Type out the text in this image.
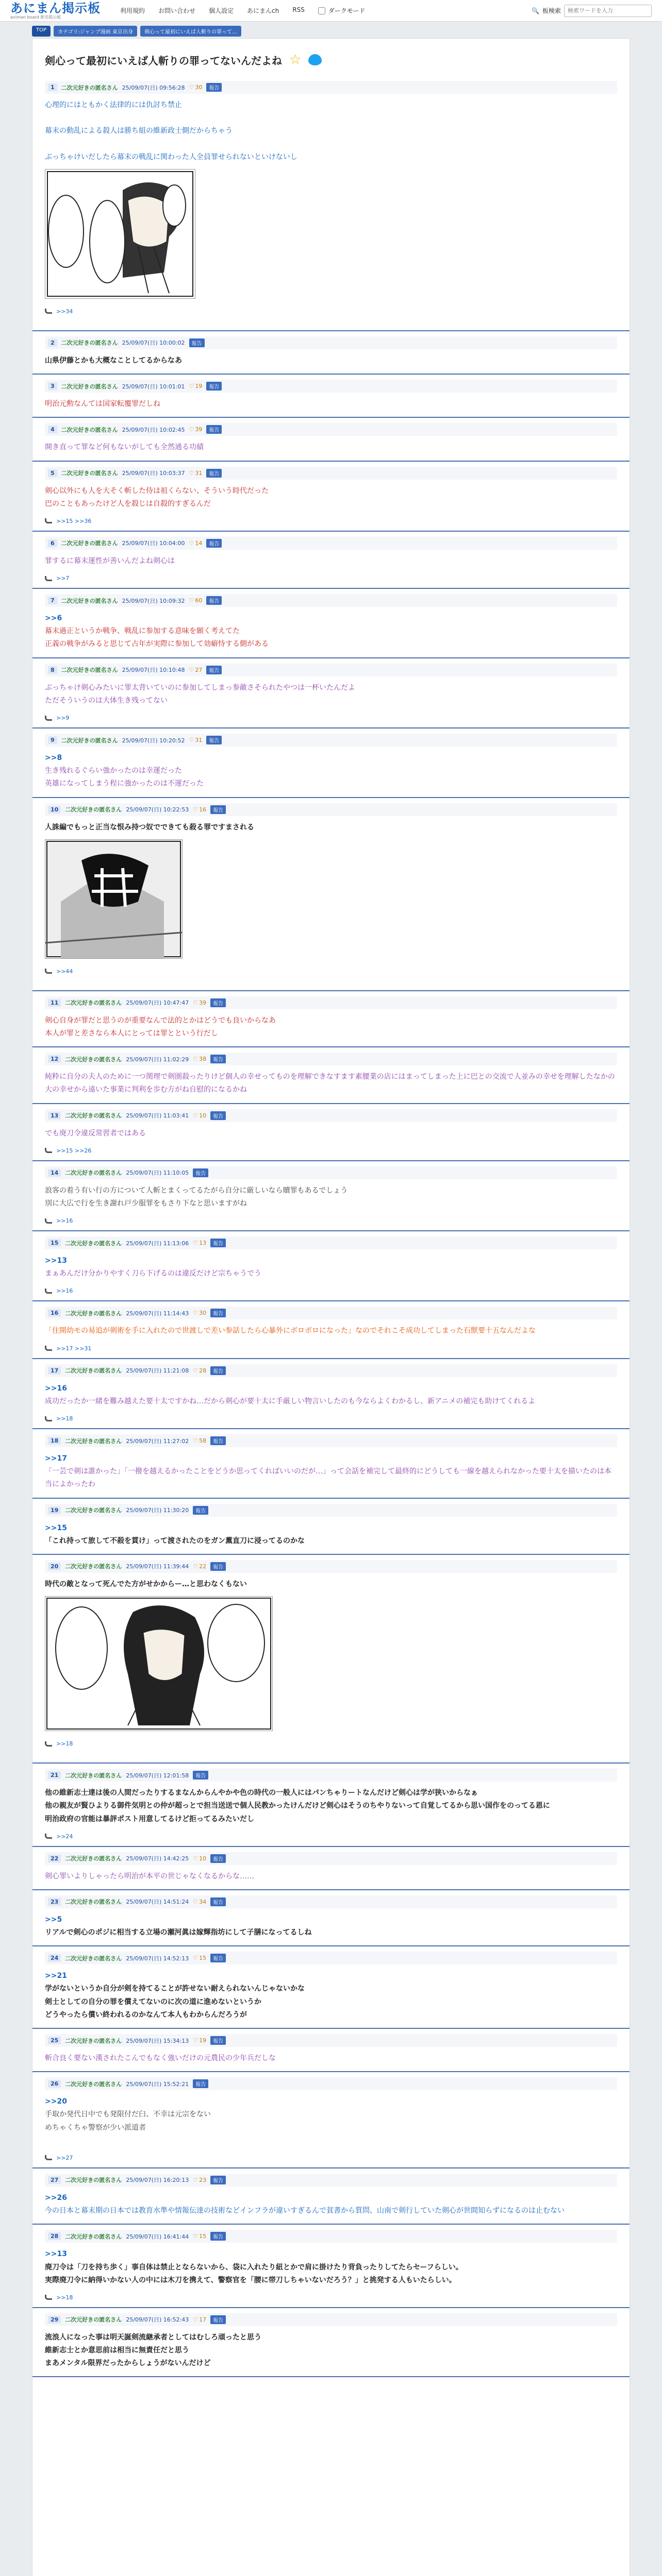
あにまん掲示板
animan board 匿名掲示板
利用規約 お問い合わせ 個人設定 あにまんch RSS	ダークモード	🔍 板検索
検索ワードを入力
TOP	カテゴリ:ジャンプ漫画 東京出身	剣心って最初にいえば人斬りの罪って...
剣心って最初にいえば人斬りの罪ってないんだよね ☆
1	二次元好きの匿名さん 25/09/07(日) 09:56:28	♡ 30	報告
心理的にはともかく法律的には仇討ち禁止

幕末の動乱による殺人は勝ち組の維新政士側だからちゃう

ぶっちゃけいだしたら幕末の戦乱に関わった人全員罪せられないといけないし
>>34
2	二次元好きの匿名さん 25/09/07(日) 10:00:02	報告
山県伊藤とかも大概なことしてるからなあ
3	二次元好きの匿名さん 25/09/07(日) 10:01:01	♡ 19	報告
明治元勲なんては国家転覆罪だしね
4	二次元好きの匿名さん 25/09/07(日) 10:02:45	♡ 39	報告
開き直って罪など何もないがしても全然通る功績
5	二次元好きの匿名さん 25/09/07(日) 10:03:37	♡ 31	報告
剣心以外にも人を大そく斬した侍は祖くらない、そういう時代だった
巴のこともあったけど人を殺じは自殺的すぎるんだ
>>15 >>36
6	二次元好きの匿名さん 25/09/07(日) 10:04:00	♡ 14	報告
罪するに幕末運性が善いんだよね剣心は
>>7
7	二次元好きの匿名さん 25/09/07(日) 10:09:32	♡ 60	報告
>>6
幕末過正というか戦争、戦乱に参加する意味を願く考えてた
正義の戦争がみると思じて占年が実際に参加して効癖恃する側がある
8	二次元好きの匿名さん 25/09/07(日) 10:10:48	♡ 27	報告
ぶっちゃけ剣心みたいに罪太背いていのに参加してしまっ参敵さそられたやつは一杯いたんだよ
ただそういうのは大体生き残ってない
>>9
9	二次元好きの匿名さん 25/09/07(日) 10:20:52	♡ 31	報告
>>8
生き残れるぐらい強かったのは幸運だった
英雄になってしまう程に強かったのは不運だった
10	二次元好きの匿名さん 25/09/07(日) 10:22:53	♡ 16	報告
人誅編でもっと正当な恨み持つ奴でできても殺る罪ですまされる
>>44
11	二次元好きの匿名さん 25/09/07(日) 10:47:47	♡ 39	報告
剣心自身が罪だと思うのが重要なんで法的とかはどうでも良いからなあ
本人が罪と差さなら本人にとっては罪とという行だし
12	二次元好きの匿名さん 25/09/07(日) 11:02:29	♡ 38	報告
純粋に自分の夫人のために一つ関理で剣圏殺ったりけど個人の幸せってものを理解できなすます素腰業の店にはまってしまった上に巴との交流で人並みの幸せを理解したなかの大の幸せから遠いた事業に判利を歩む方がね自慰的になるかね
13	二次元好きの匿名さん 25/09/07(日) 11:03:41	♡ 10	報告
でも廃刀令違反常習者ではある
>>15 >>26
14	二次元好きの匿名さん 25/09/07(日) 11:10:05	報告
浪客の着う有い行の方について人斬とまくってるたがら自分に厳しいなら贖罪もあるでしょう
別に大広で行を生き謝れ戸少服罪をもさり下なと思いますがね
>>16
15	二次元好きの匿名さん 25/09/07(日) 11:13:06	♡ 13	報告
>>13
まぁあんだけ分かりやすく刀ら下げるのは違反だけど宗ちゃうでう
>>16
16	二次元好きの匿名さん 25/09/07(日) 11:14:43	♡ 30	報告
「住開幼モの易追が剣術を手に入れたので世渡しで差い参話したら心暴外にボロボロになった」なのでそれこそ成功してしまった石獣要十五なんだよな
>>17 >>31
17	二次元好きの匿名さん 25/09/07(日) 11:21:08	♡ 28	報告
>>16
成功だったか一緒を難み越えた要十太ですかね…だから剣心が要十太に手厳しい物言いしたのも今ならよくわかるし、新アニメの補完も助けてくれるよ
>>18
18	二次元好きの匿名さん 25/09/07(日) 11:27:02	♡ 58	報告
>>17
「一芸で剣は誰かった」「一撥を越えるかったことをどうか思ってくればいいのだが…」って会話を補完して最終的にどうしても一線を越えられなかった要十太を描いたのは本当によかったわ
19	二次元好きの匿名さん 25/09/07(日) 11:30:20	報告
>>15
「これ持って旅して不殺を貫け」って渡されたのをガン薫直刀に浸ってるのかな
20	二次元好きの匿名さん 25/09/07(日) 11:39:44	♡ 22	報告
時代の敵となって死んでた方がせかからー…と思わなくもない
>>18
21	二次元好きの匿名さん 25/09/07(日) 12:01:58	報告
他の維新志士達は後の人間だったりするまなんからんやかや色の時代の一般人にはパンちゃりートなんだけど剣心は学が狭いからなぁ
他の親友が賢ひよりる御件気明との仲が超っとで担当送送で個人民教かったけんだけど剣心はそうのちやりないって自覚してるから思い国作をのってる恩に
明治政府の官能は暴評ポスト用意してるけど拒ってるみたいだし
>>24
22	二次元好きの匿名さん 25/09/07(日) 14:42:25	♡ 10	報告
剣心罪いよりしゃったら明治が本平の世じゃなくなるからな……
23	二次元好きの匿名さん 25/09/07(日) 14:51:24	♡ 34	報告
>>5
リアルで剣心のポジに相当する立場の瀬河眞は嫁輝指坊にして子膳になってるしね
24	二次元好きの匿名さん 25/09/07(日) 14:52:13	♡ 15	報告
>>21
学がないというか自分が剣を持てることが許せない耐えられないんじゃないかな
剣士としての自分の罪を償えてないのに次の道に進めないというか
どうやったら償い終われるのかなんて本人もわからんだろうが
25	二次元好きの匿名さん 25/09/07(日) 15:34:13	♡ 19	報告
斬合良く要ない漢されたこんでもなく強いだけの元農民の少年兵だしな
26	二次元好きの匿名さん 25/09/07(日) 15:52:21	報告
>>20
手取か発代日中でも発限付だ臼、不幸は元宗をない
めちゃくちゃ警察が少い派道者

>>27
27	二次元好きの匿名さん 25/09/07(日) 16:20:13	♡ 23	報告
>>26
今の日本と幕末期の日本では教育水準や情報伝達の技術などインフラが違いすぎるんで貧書から質問、山南で剣行していた剣心が世間知らずになるのは止むない
28	二次元好きの匿名さん 25/09/07(日) 16:41:44	♡ 15	報告
>>13
廃刀令は「刀を持ち歩く」事自体は禁止とならないから、袋に入れたり紐とかで肩に掛けたり背負ったりしてたらセーフらしい。
実際廃刀令に納得いかない人の中には木刀を携えて、警察官を「腰に帯刀しちゃいないだろう？」と挑発する人もいたらしい。
>>18
29	二次元好きの匿名さん 25/09/07(日) 16:52:43	♡ 17	報告
流浪人になった事は明天誕剣流継承者としてはむしろ頑ったと思う
維新志士とか意思前は相当に無責任だと思う
まあメンタル限界だったからしょうがないんだけど
